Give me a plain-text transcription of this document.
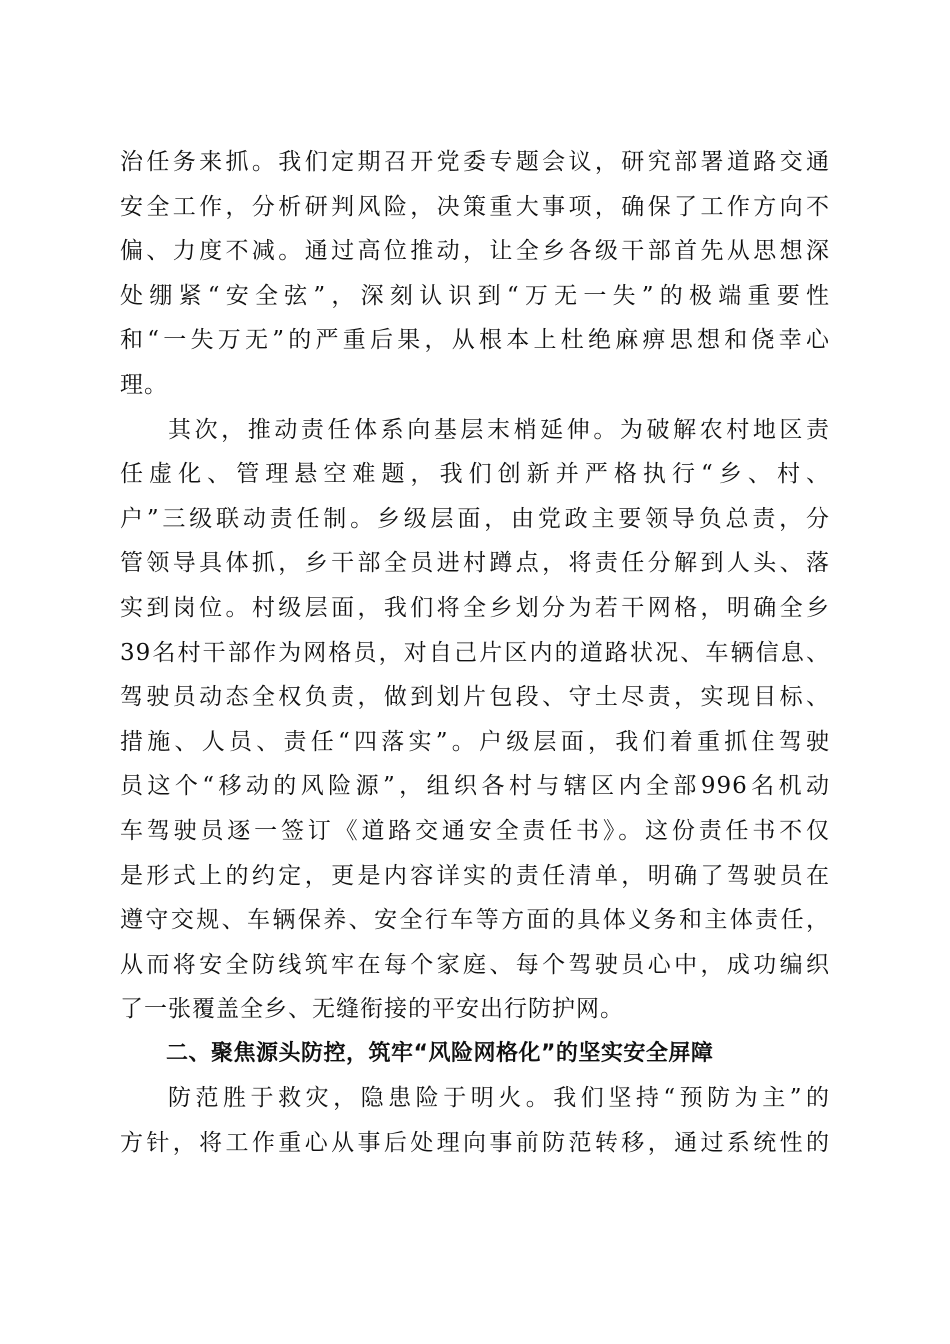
治任务来抓。我们定期召开党委专题会议，研究部署道路交通
安全工作，分析研判风险，决策重大事项，确保了工作方向不
偏、力度不减。通过高位推动，让全乡各级干部首先从思想深
处绷紧“安全弦”，深刻认识到“万无一失”的极端重要性
和“一失万无”的严重后果，从根本上杜绝麻痹思想和侥幸心
理。
其次，推动责任体系向基层末梢延伸。为破解农村地区责
任虚化、管理悬空难题，我们创新并严格执行“乡、村、
户”三级联动责任制。乡级层面，由党政主要领导负总责，分
管领导具体抓，乡干部全员进村蹲点，将责任分解到人头、落
实到岗位。村级层面，我们将全乡划分为若干网格，明确全乡
39名村干部作为网格员，对自己片区内的道路状况、车辆信息、
驾驶员动态全权负责，做到划片包段、守土尽责，实现目标、
措施、人员、责任“四落实”。户级层面，我们着重抓住驾驶
员这个“移动的风险源”，组织各村与辖区内全部996名机动
车驾驶员逐一签订《道路交通安全责任书》。这份责任书不仅
是形式上的约定，更是内容详实的责任清单，明确了驾驶员在
遵守交规、车辆保养、安全行车等方面的具体义务和主体责任，
从而将安全防线筑牢在每个家庭、每个驾驶员心中，成功编织
了一张覆盖全乡、无缝衔接的平安出行防护网。
二、聚焦源头防控，筑牢“风险网格化”的坚实安全屏障
防范胜于救灾，隐患险于明火。我们坚持“预防为主”的
方针，将工作重心从事后处理向事前防范转移，通过系统性的
